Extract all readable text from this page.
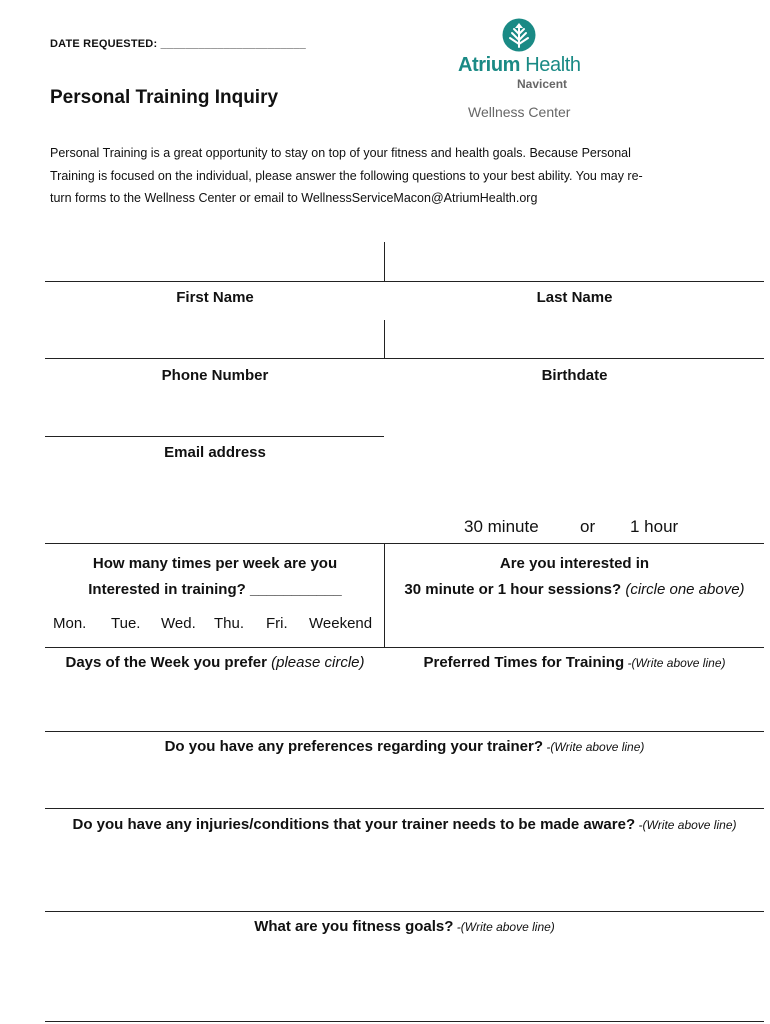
DATE REQUESTED: _______________________
Personal Training Inquiry
Atrium Health
Navicent
Wellness Center
Personal Training is a great opportunity to stay on top of your fitness and health goals. Because Personal
Training is focused on the individual, please answer the following questions to your best ability. You may re-
turn forms to the Wellness Center or email to WellnessServiceMacon@AtriumHealth.org
First Name	Last Name
Phone Number	Birthdate
Email address
30 minute or 1 hour
How many times per week are you
Interested in training? ___________
Are you interested in
30 minute or 1 hour sessions? (circle one above)
Mon. Tue. Wed. Thu. Fri. Weekend
Days of the Week you prefer (please circle)	Preferred Times for Training -(Write above line)
Do you have any preferences regarding your trainer? -(Write above line)
Do you have any injuries/conditions that your trainer needs to be made aware? -(Write above line)
What are you fitness goals? -(Write above line)
